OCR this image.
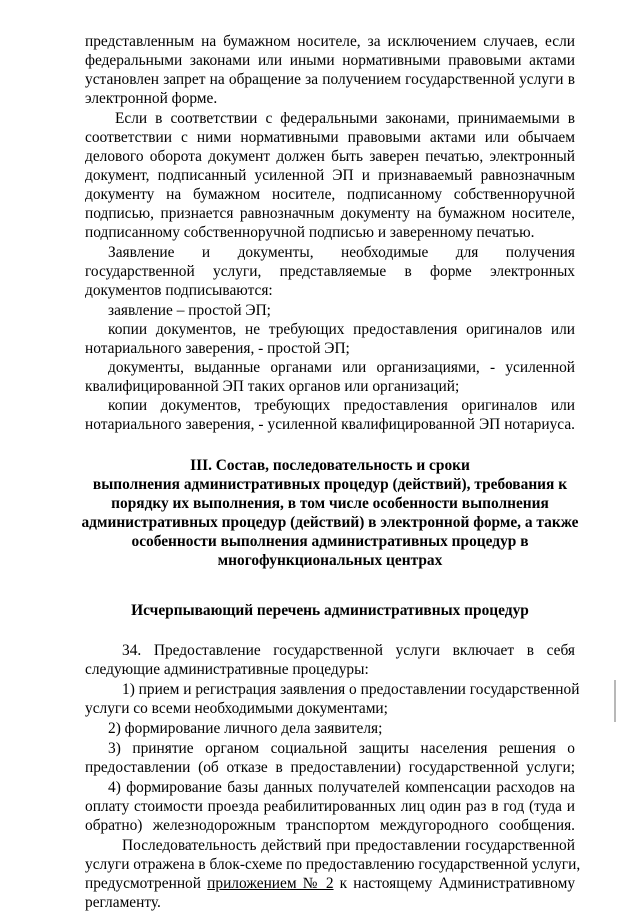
представленным на бумажном носителе, за исключением случаев, если
федеральными законами или иными нормативными правовыми актами
установлен запрет на обращение за получением государственной услуги в
электронной форме.
Если в соответствии с федеральными законами, принимаемыми в
соответствии с ними нормативными правовыми актами или обычаем
делового оборота документ должен быть заверен печатью, электронный
документ, подписанный усиленной ЭП и признаваемый равнозначным
документу на бумажном носителе, подписанному собственноручной
подписью, признается равнозначным документу на бумажном носителе,
подписанному собственноручной подписью и заверенному печатью.
Заявление и документы, необходимые для получения
государственной услуги, представляемые в форме электронных
документов подписываются:
заявление – простой ЭП;
копии документов, не требующих предоставления оригиналов или
нотариального заверения, - простой ЭП;
документы, выданные органами или организациями, - усиленной
квалифицированной ЭП таких органов или организаций;
копии документов, требующих предоставления оригиналов или
нотариального заверения, - усиленной квалифицированной ЭП нотариуса.
III. Состав, последовательность и сроки
выполнения административных процедур (действий), требования к
порядку их выполнения, в том числе особенности выполнения
административных процедур (действий) в электронной форме, а также
особенности выполнения административных процедур в
многофункциональных центрах
Исчерпывающий перечень административных процедур
34. Предоставление государственной услуги включает в себя
следующие административные процедуры:
1) прием и регистрация заявления о предоставлении государственной
услуги со всеми необходимыми документами;
2) формирование личного дела заявителя;
3) принятие органом социальной защиты населения решения о
предоставлении (об отказе в предоставлении) государственной услуги;
4) формирование базы данных получателей компенсации расходов на
оплату стоимости проезда реабилитированных лиц один раз в год (туда и
обратно) железнодорожным транспортом междугородного сообщения.
Последовательность действий при предоставлении государственной
услуги отражена в блок-схеме по предоставлению государственной услуги,
предусмотренной приложением № 2 к настоящему Административному
регламенту.
